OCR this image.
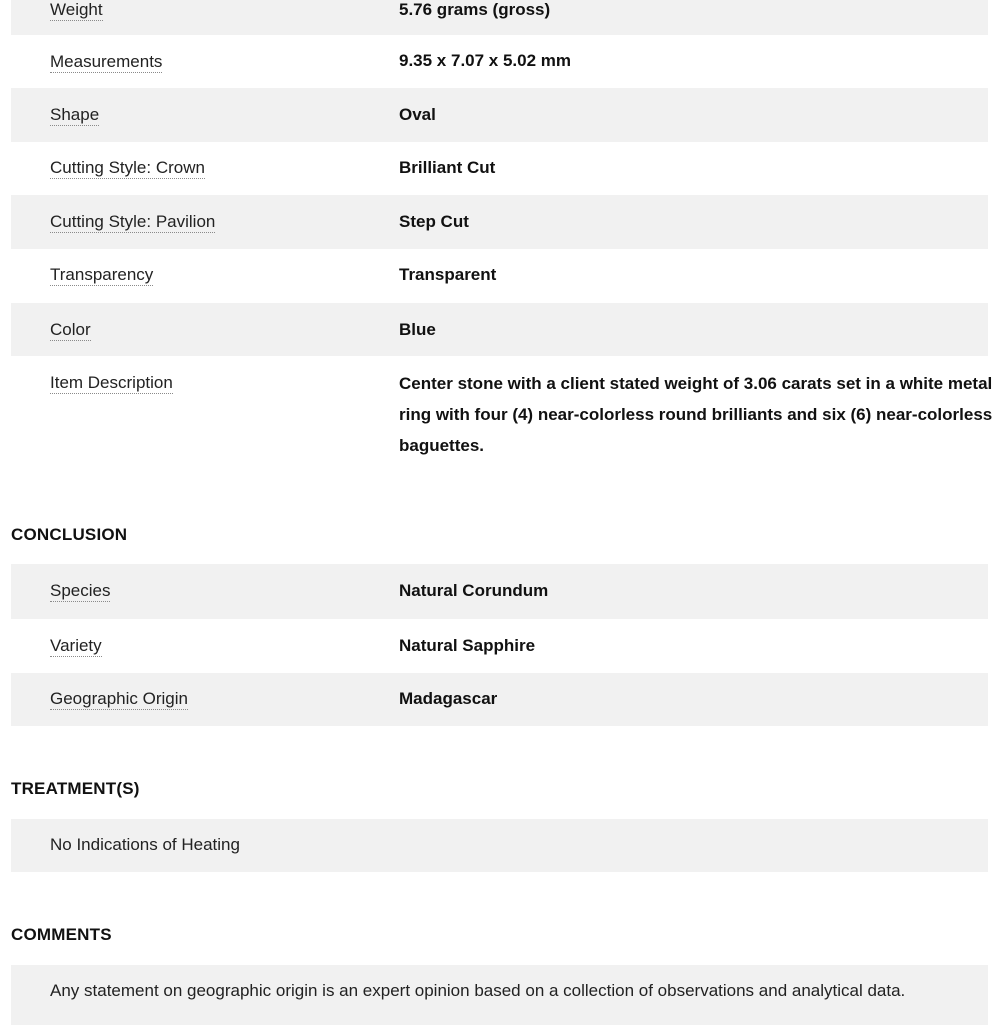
Weight	5.76 grams (gross)
Measurements	9.35 x 7.07 x 5.02 mm
Shape	Oval
Cutting Style: Crown	Brilliant Cut
Cutting Style: Pavilion	Step Cut
Transparency	Transparent
Color	Blue
Item Description	Center stone with a client stated weight of 3.06 carats set in a white metal ring with four (4) near-colorless round brilliants and six (6) near-colorless baguettes.
CONCLUSION
Species	Natural Corundum
Variety	Natural Sapphire
Geographic Origin	Madagascar
TREATMENT(S)
No Indications of Heating
COMMENTS
Any statement on geographic origin is an expert opinion based on a collection of observations and analytical data.
